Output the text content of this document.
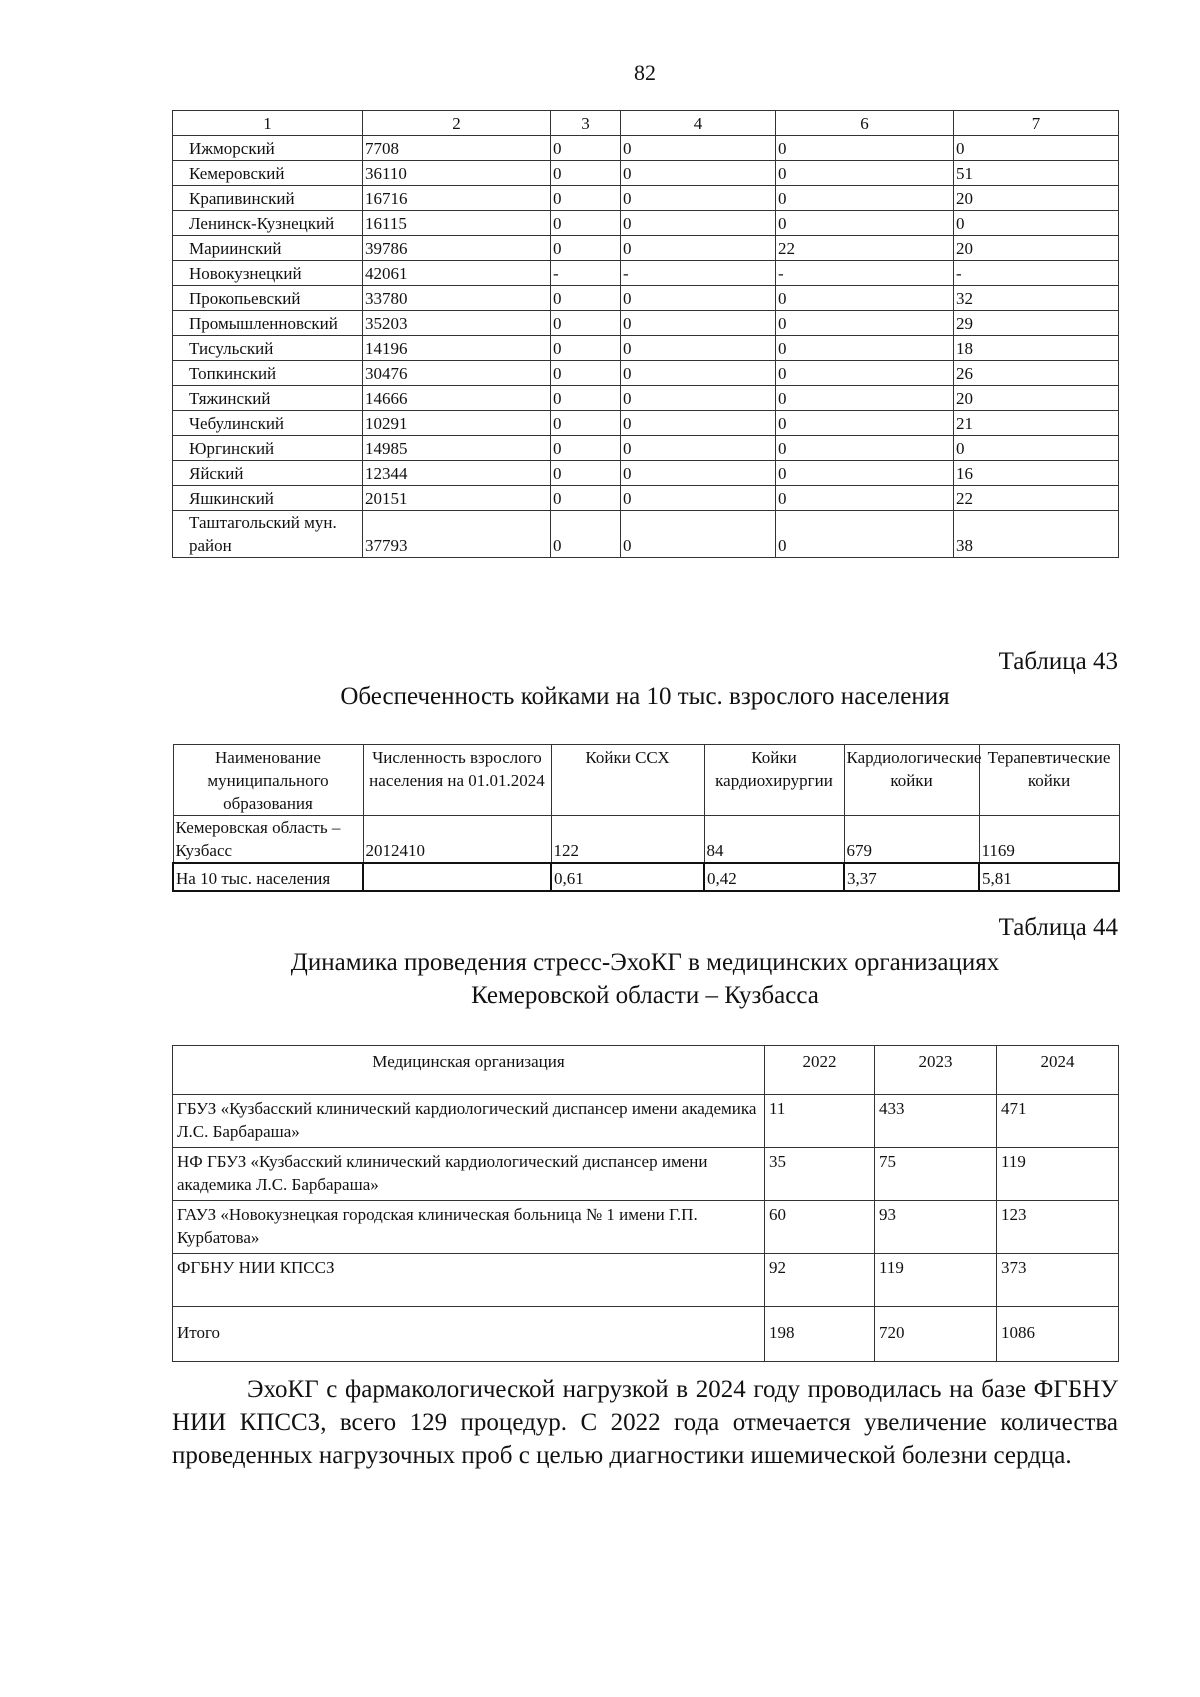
82
1	2	3	4	6	7
Ижморский	7708	0	0	0	0
Кемеровский	36110	0	0	0	51
Крапивинский	16716	0	0	0	20
Ленинск-Кузнецкий	16115	0	0	0	0
Мариинский	39786	0	0	22	20
Новокузнецкий	42061	-	-	-	-
Прокопьевский	33780	0	0	0	32
Промышленновский	35203	0	0	0	29
Тисульский	14196	0	0	0	18
Топкинский	30476	0	0	0	26
Тяжинский	14666	0	0	0	20
Чебулинский	10291	0	0	0	21
Юргинский	14985	0	0	0	0
Яйский	12344	0	0	0	16
Яшкинский	20151	0	0	0	22
Таштагольский мун. район	37793	0	0	0	38
Таблица 43
Обеспеченность койками на 10 тыс. взрослого населения
Наименование муниципального образования	Численность взрослого населения на 01.01.2024	Койки ССХ	Койки кардиохирургии	Кардиологические койки	Терапевтические койки
Кемеровская область – Кузбасс	2012410	122	84	679	1169
На 10 тыс. населения		0,61	0,42	3,37	5,81
Таблица 44
Динамика проведения стресс-ЭхоКГ в медицинских организациях
Кемеровской области – Кузбасса
Медицинская организация	2022	2023	2024
ГБУЗ «Кузбасский клинический кардиологический диспансер имени академика Л.С. Барбараша»	11	433	471
НФ ГБУЗ «Кузбасский клинический кардиологический диспансер имени академика Л.С. Барбараша»	35	75	119
ГАУЗ «Новокузнецкая городская клиническая больница № 1 имени Г.П. Курбатова»	60	93	123
ФГБНУ НИИ КПССЗ	92	119	373
Итого	198	720	1086
ЭхоКГ с фармакологической нагрузкой в 2024 году проводилась на базе ФГБНУ НИИ КПССЗ, всего 129 процедур. С 2022 года отмечается увеличение количества проведенных нагрузочных проб с целью диагностики ишемической болезни сердца.
